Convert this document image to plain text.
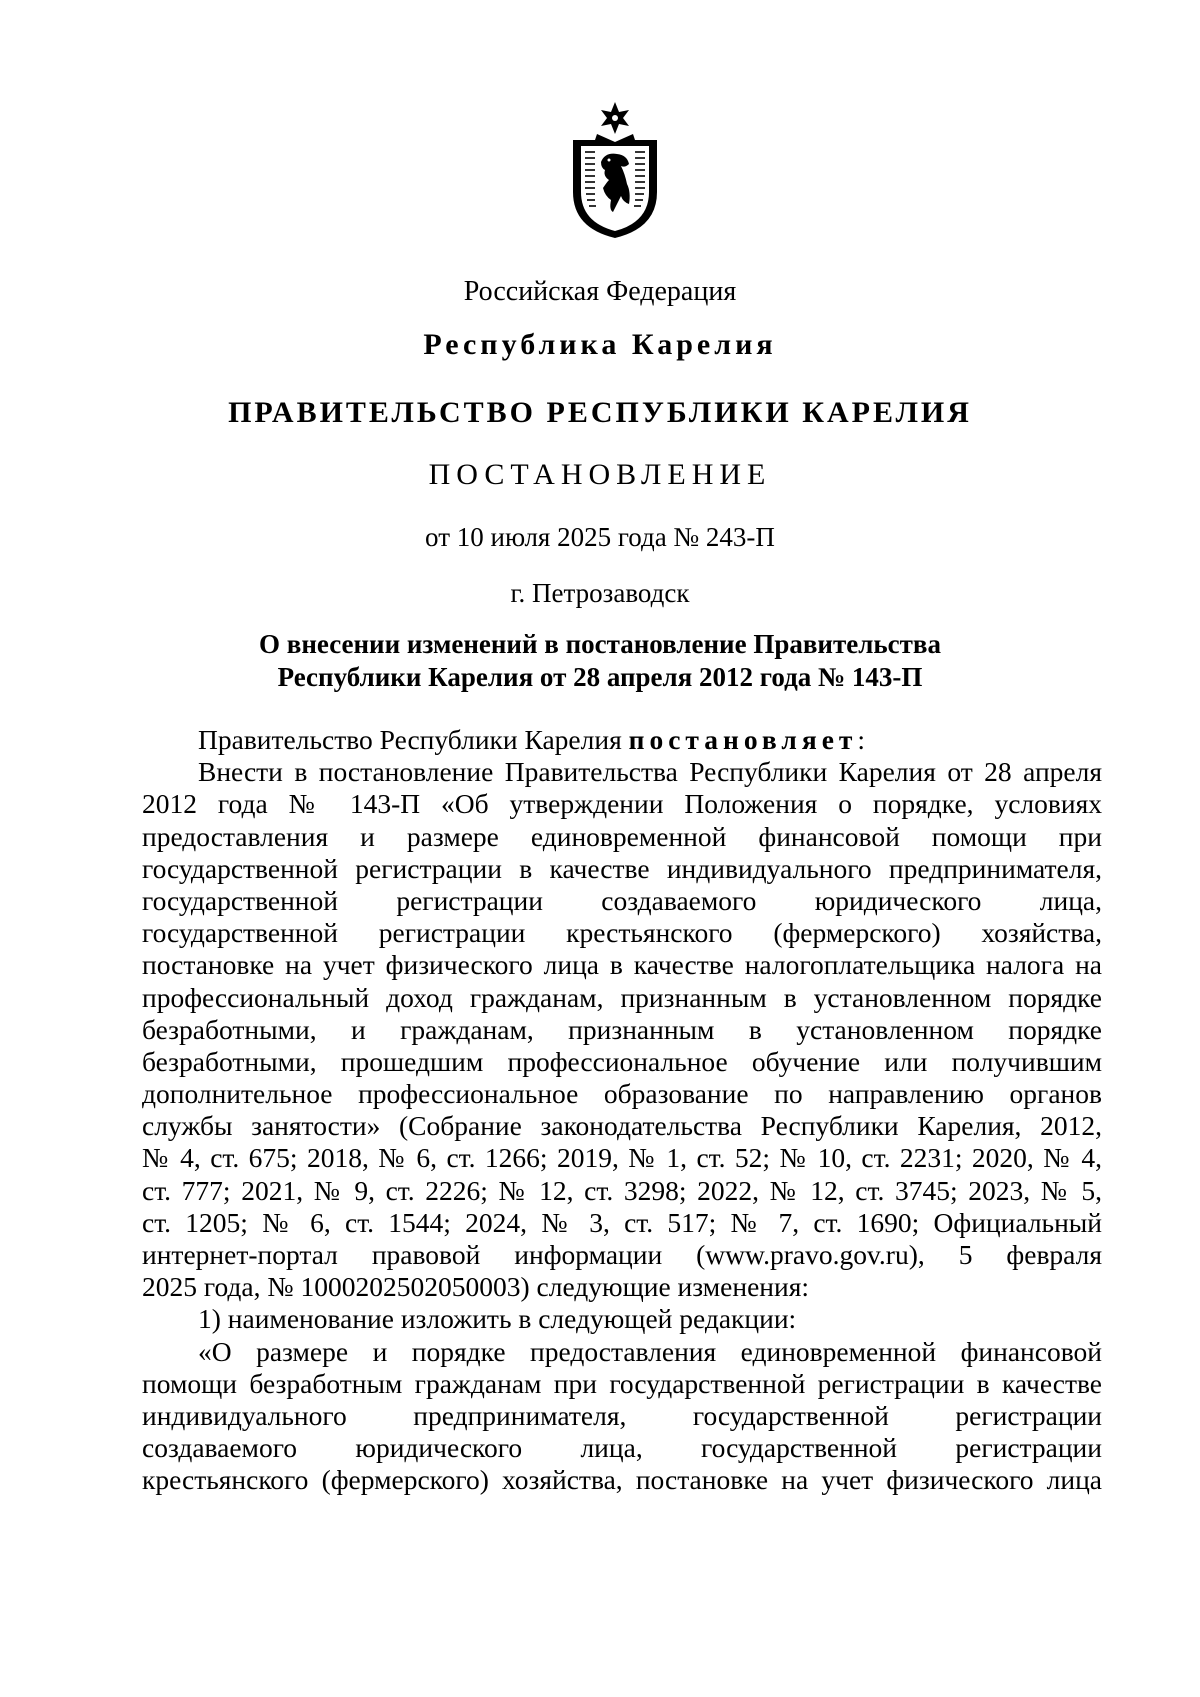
Российская Федерация
Республика Карелия
ПРАВИТЕЛЬСТВО РЕСПУБЛИКИ КАРЕЛИЯ
ПОСТАНОВЛЕНИЕ
от 10 июля 2025 года № 243-П
г. Петрозаводск
О внесении изменений в постановление Правительства
Республики Карелия от 28 апреля 2012 года № 143-П
Правительство Республики Карелия постановляет:
Внести в постановление Правительства Республики Карелия от 28 апреля
2012 года № 143-П «Об утверждении Положения о порядке, условиях
предоставления и размере единовременной финансовой помощи при
государственной регистрации в качестве индивидуального предпринимателя,
государственной регистрации создаваемого юридического лица,
государственной регистрации крестьянского (фермерского) хозяйства,
постановке на учет физического лица в качестве налогоплательщика налога на
профессиональный доход гражданам, признанным в установленном порядке
безработными, и гражданам, признанным в установленном порядке
безработными, прошедшим профессиональное обучение или получившим
дополнительное профессиональное образование по направлению органов
службы занятости» (Собрание законодательства Республики Карелия, 2012,
№ 4, ст. 675; 2018, № 6, ст. 1266; 2019, № 1, ст. 52; № 10, ст. 2231; 2020, № 4,
ст. 777; 2021, № 9, ст. 2226; № 12, ст. 3298; 2022, № 12, ст. 3745; 2023, № 5,
ст. 1205; № 6, ст. 1544; 2024, № 3, ст. 517; № 7, ст. 1690; Официальный
интернет-портал правовой информации (www.pravo.gov.ru), 5 февраля
2025 года, № 1000202502050003) следующие изменения:
1) наименование изложить в следующей редакции:
«О размере и порядке предоставления единовременной финансовой
помощи безработным гражданам при государственной регистрации в качестве
индивидуального предпринимателя, государственной регистрации
создаваемого юридического лица, государственной регистрации
крестьянского (фермерского) хозяйства, постановке на учет физического лица
